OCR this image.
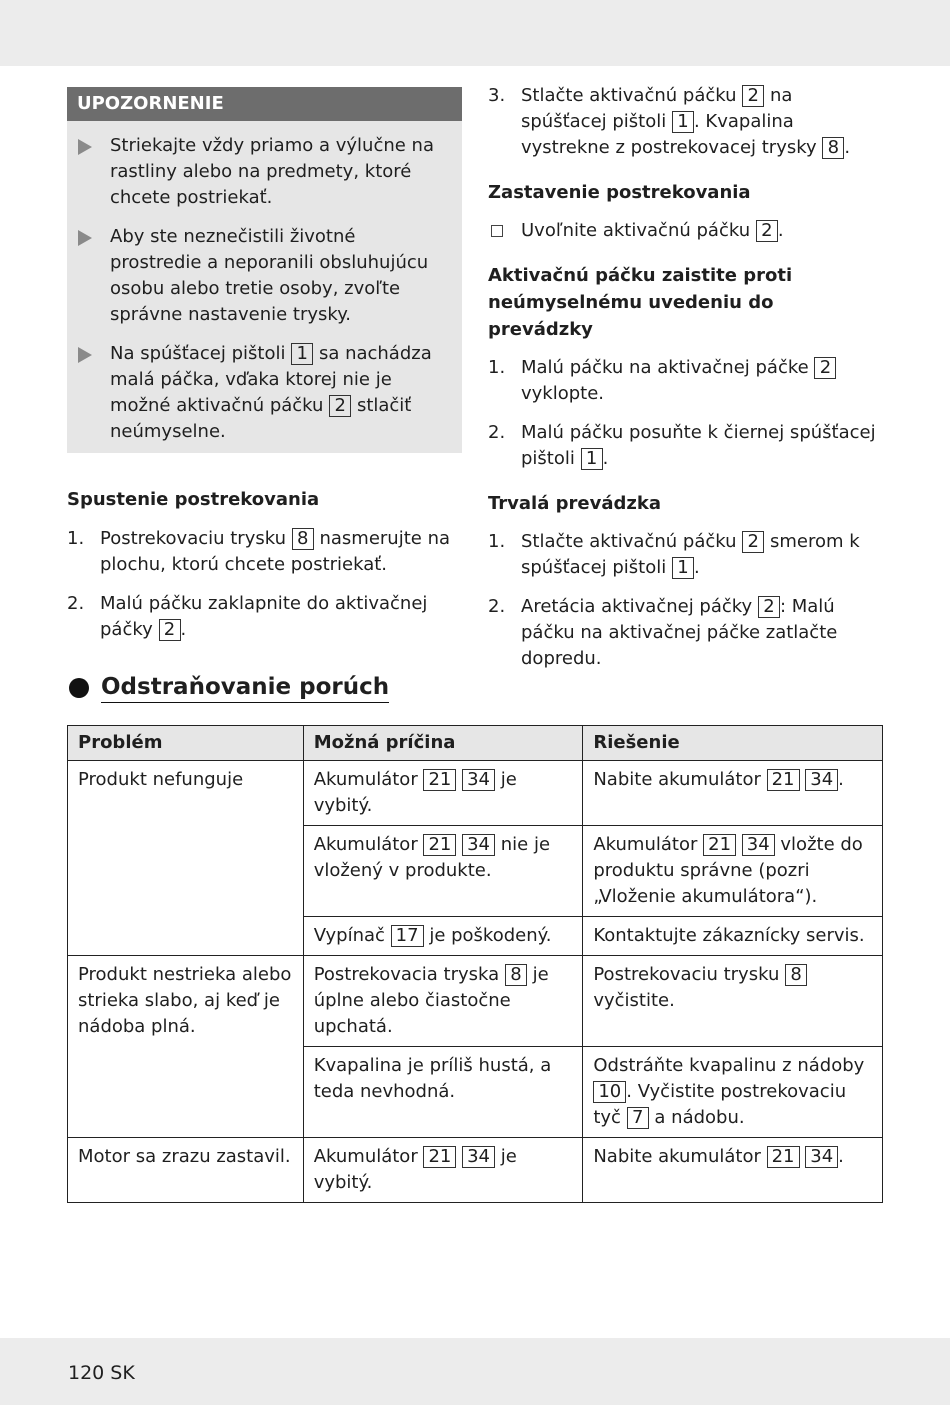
UPOZORNENIE
Striekajte vždy priamo a výlučne na rastliny alebo na predmety, ktoré chcete postriekať.
Aby ste neznečistili životné prostredie a neporanili obsluhujúcu osobu alebo tretie osoby, zvoľte správne nastavenie trysky.
Na spúšťacej pištoli 1 sa nachádza malá páčka, vďaka ktorej nie je možné aktivačnú páčku 2 stlačiť neúmyselne.
Spustenie postrekovania
1. Postrekovaciu trysku 8 nasmerujte na plochu, ktorú chcete postriekať.
2. Malú páčku zaklapnite do aktivačnej páčky 2 .
3. Stlačte aktivačnú páčku 2 na spúšťacej pištoli 1 . Kvapalina vystrekne z postrekovacej trysky 8 .
Zastavenie postrekovania
Uvoľnite aktivačnú páčku 2 .
Aktivačnú páčku zaistite proti neúmyselnému uvedeniu do prevádzky
1. Malú páčku na aktivačnej páčke 2 vyklopte.
2. Malú páčku posuňte k čiernej spúšťacej pištoli 1 .
Trvalá prevádzka
1. Stlačte aktivačnú páčku 2 smerom k spúšťacej pištoli 1 .
2. Aretácia aktivačnej páčky 2 : Malú páčku na aktivačnej páčke zatlačte dopredu.
Odstraňovanie porúch
Problém	Možná príčina	Riešenie
Produkt nefunguje	Akumulátor 21 34 je vybitý.	Nabite akumulátor 21 34 .
	Akumulátor 21 34 nie je vložený v produkte.	Akumulátor 21 34 vložte do produktu správne (pozri „Vloženie akumulátora“).
	Vypínač 17 je poškodený.	Kontaktujte zákaznícky servis.
Produkt nestrieka alebo strieka slabo, aj keď je nádoba plná.	Postrekovacia tryska 8 je úplne alebo čiastočne upchatá.	Postrekovaciu trysku 8 vyčistite.
	Kvapalina je príliš hustá, a teda nevhodná.	Odstráňte kvapalinu z nádoby 10 . Vyčistite postrekovaciu tyč 7 a nádobu.
Motor sa zrazu zastavil.	Akumulátor 21 34 je vybitý.	Nabite akumulátor 21 34 .
120 SK
